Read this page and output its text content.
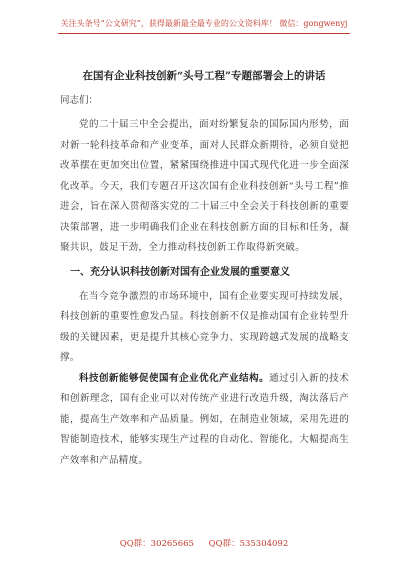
关注头条号“公文研究”，获得最新最全最专业的公文资料库！ 微信：gongwenyj
在国有企业科技创新“头号工程”专题部署会上的讲话

同志们：

党的二十届三中全会提出，面对纷繁复杂的国际国内形势，面对新一轮科技革命和产业变革，面对人民群众新期待，必须自觉把改革摆在更加突出位置，紧紧围绕推进中国式现代化进一步全面深化改革。今天，我们专题召开这次国有企业科技创新“头号工程”推进会，旨在深入贯彻落实党的二十届三中全会关于科技创新的重要决策部署，进一步明确我们企业在科技创新方面的目标和任务，凝聚共识，鼓足干劲，全力推动科技创新工作取得新突破。

一、充分认识科技创新对国有企业发展的重要意义

在当今竞争激烈的市场环境中，国有企业要实现可持续发展，科技创新的重要性愈发凸显。科技创新不仅是推动国有企业转型升级的关键因素，更是提升其核心竞争力、实现跨越式发展的战略支撑。

科技创新能够促使国有企业优化产业结构。通过引入新的技术和创新理念，国有企业可以对传统产业进行改造升级，淘汰落后产能，提高生产效率和产品质量。例如，在制造业领域，采用先进的智能制造技术，能够实现生产过程的自动化、智能化，大幅提高生产效率和产品精度。

QQ群：30265665 QQ群：535304092
